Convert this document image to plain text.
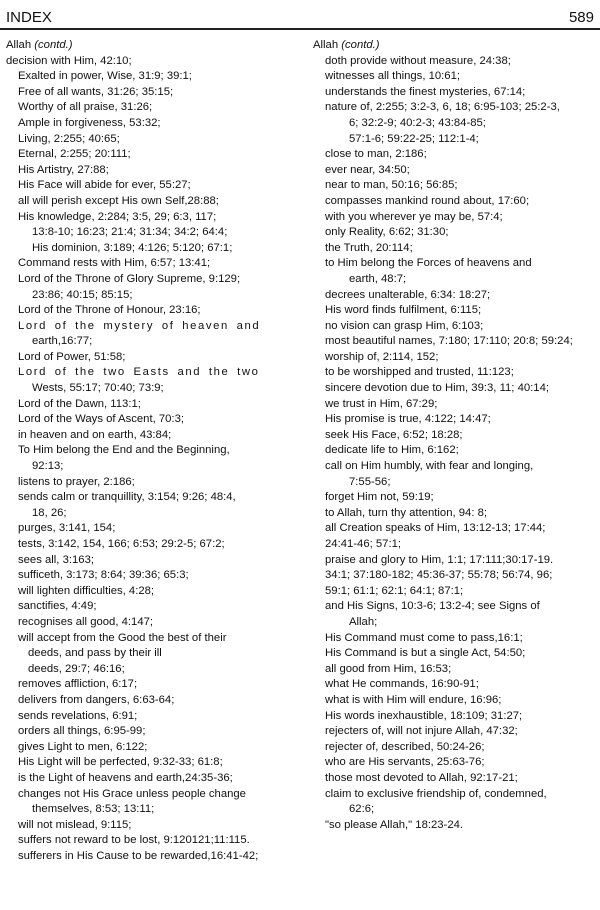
INDEX	589
Allah (contd.)
decision with Him, 42:10;
Exalted in power, Wise, 31:9; 39:1;
Free of all wants, 31:26; 35:15;
Worthy of all praise, 31:26;
Ample in forgiveness, 53:32;
Living, 2:255; 40:65;
Eternal, 2:255; 20:111;
His Artistry, 27:88;
His Face will abide for ever, 55:27;
all will perish except His own Self,28:88;
His knowledge, 2:284; 3:5, 29; 6:3, 117;
13:8-10; 16:23; 21:4; 31:34; 34:2; 64:4;
His dominion, 3:189; 4:126; 5:120; 67:1;
Command rests with Him, 6:57; 13:41;
Lord of the Throne of Glory Supreme, 9:129;
23:86; 40:15; 85:15;
Lord of the Throne of Honour, 23:16;
Lord of the mystery of heaven and
earth,16:77;
Lord of Power, 51:58;
Lord of the two Easts and the two
Wests, 55:17; 70:40; 73:9;
Lord of the Dawn, 113:1;
Lord of the Ways of Ascent, 70:3;
in heaven and on earth, 43:84;
To Him belong the End and the Beginning,
92:13;
listens to prayer, 2:186;
sends calm or tranquillity, 3:154; 9:26; 48:4,
18, 26;
purges, 3:141, 154;
tests, 3:142, 154, 166; 6:53; 29:2-5; 67:2;
sees all, 3:163;
sufficeth, 3:173; 8:64; 39:36; 65:3;
will lighten difficulties, 4:28;
sanctifies, 4:49;
recognises all good, 4:147;
will accept from the Good the best of their
deeds, and pass by their ill
deeds, 29:7; 46:16;
removes affliction, 6:17;
delivers from dangers, 6:63-64;
sends revelations, 6:91;
orders all things, 6:95-99;
gives Light to men, 6:122;
His Light will be perfected, 9:32-33; 61:8;
is the Light of heavens and earth,24:35-36;
changes not His Grace unless people change
themselves, 8:53; 13:11;
will not mislead, 9:115;
suffers not reward to be lost, 9:120121;11:115.
sufferers in His Cause to be rewarded,16:41-42;
Allah (contd.)
doth provide without measure, 24:38;
witnesses all things, 10:61;
understands the finest mysteries, 67:14;
nature of, 2:255; 3:2-3, 6, 18; 6:95-103; 25:2-3,
6; 32:2-9; 40:2-3; 43:84-85;
57:1-6; 59:22-25; 112:1-4;
close to man, 2:186;
ever near, 34:50;
near to man, 50:16; 56:85;
compasses mankind round about, 17:60;
with you wherever ye may be, 57:4;
only Reality, 6:62; 31:30;
the Truth, 20:114;
to Him belong the Forces of heavens and
earth, 48:7;
decrees unalterable, 6:34: 18:27;
His word finds fulfilment, 6:115;
no vision can grasp Him, 6:103;
most beautiful names, 7:180; 17:110; 20:8; 59:24;
worship of, 2:114, 152;
to be worshipped and trusted, 11:123;
sincere devotion due to Him, 39:3, 11; 40:14;
we trust in Him, 67:29;
His promise is true, 4:122; 14:47;
seek His Face, 6:52; 18:28;
dedicate life to Him, 6:162;
call on Him humbly, with fear and longing,
7:55-56;
forget Him not, 59:19;
to Allah, turn thy attention, 94: 8;
all Creation speaks of Him, 13:12-13; 17:44;
24:41-46; 57:1;
praise and glory to Him, 1:1; 17:111;30:17-19.
34:1; 37:180-182; 45:36-37; 55:78; 56:74, 96;
59:1; 61:1; 62:1; 64:1; 87:1;
and His Signs, 10:3-6; 13:2-4; see Signs of
Allah;
His Command must come to pass,16:1;
His Command is but a single Act, 54:50;
all good from Him, 16:53;
what He commands, 16:90-91;
what is with Him will endure, 16:96;
His words inexhaustible, 18:109; 31:27;
rejecters of, will not injure Allah, 47:32;
rejecter of, described, 50:24-26;
who are His servants, 25:63-76;
those most devoted to Allah, 92:17-21;
claim to exclusive friendship of, condemned,
62:6;
"so please Allah," 18:23-24.
